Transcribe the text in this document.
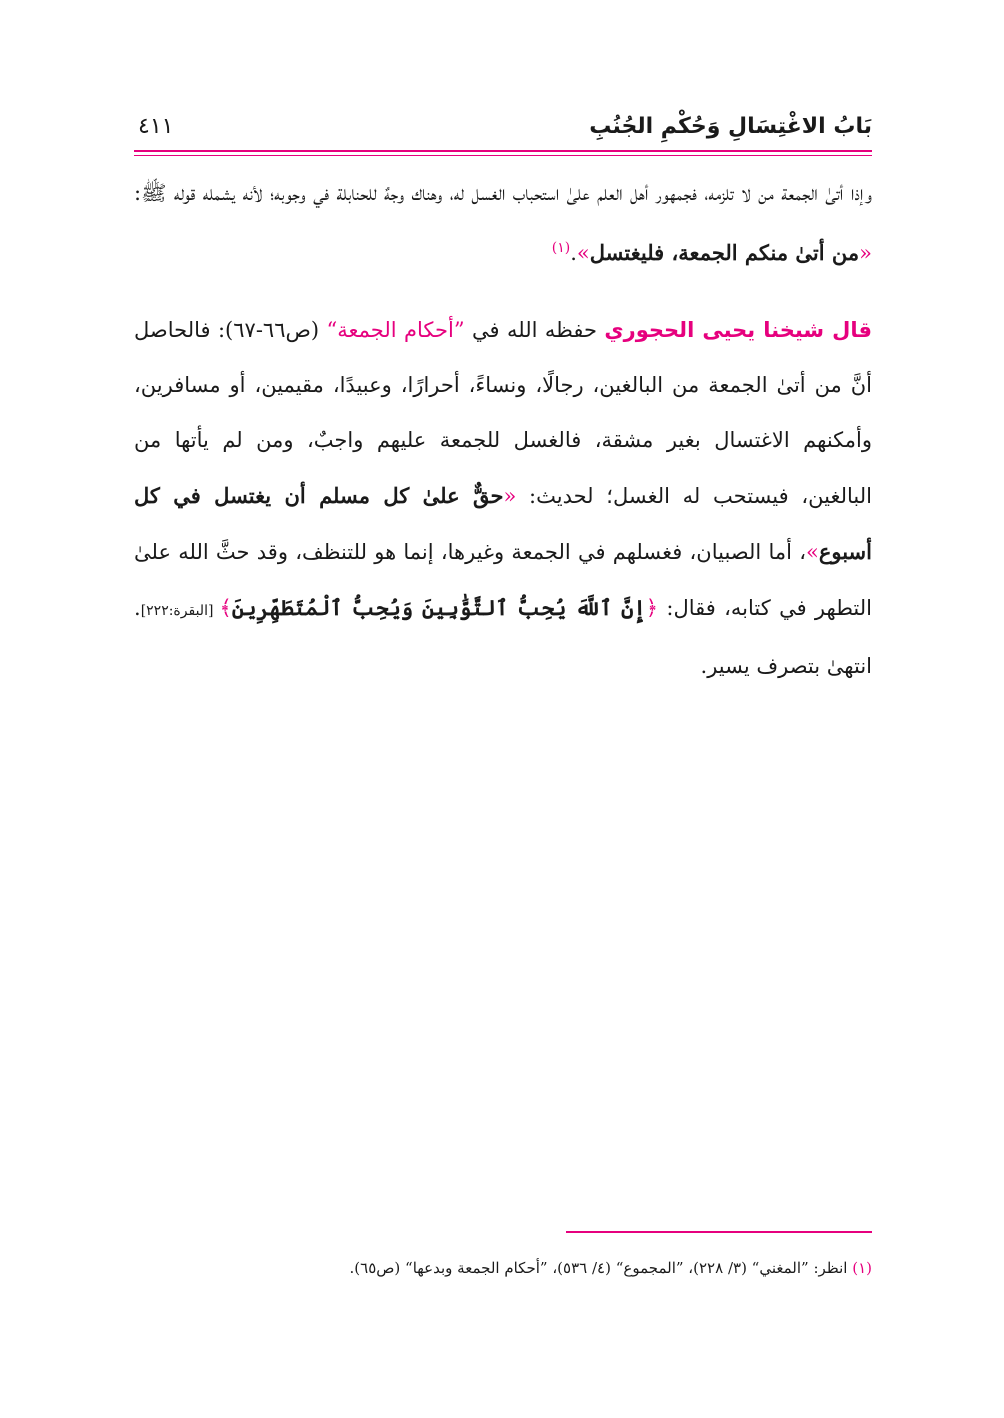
بَابُ الاغْتِسَالِ وَحُكْمِ الجُنُبِ
٤١١

وإذا أتىٰ الجمعة من لا تلزمه، فجمهور أهل العلم علىٰ استحباب الغسل له، وهناك وجهٌ للحنابلة في وجوبه؛ لأنه يشمله قوله ﷺ: «من أتىٰ منكم الجمعة، فليغتسل».$^{(١)}$

قال شيخنا يحيى الحجوري حفظه الله في ”أحكام الجمعة“ (ص٦٦-٦٧): فالحاصل أنَّ من أتىٰ الجمعة من البالغين، رجالًا، ونساءً، أحرارًا، وعبيدًا، مقيمين، أو مسافرين، وأمكنهم الاغتسال بغير مشقة، فالغسل للجمعة عليهم واجبٌ، ومن لم يأتها من البالغين، فيستحب له الغسل؛ لحديث: «حقٌّ علىٰ كل مسلم أن يغتسل في كل أسبوع»، أما الصبيان، فغسلهم في الجمعة وغيرها، إنما هو للتنظف، وقد حثَّ الله علىٰ التطهر في كتابه، فقال: ﴿إِنَّ ٱللَّهَ يُحِبُّ ٱلتَّوَّٰبِينَ وَيُحِبُّ ٱلْمُتَطَهِّرِينَ﴾ [البقرة:٢٢٢]. انتهىٰ بتصرف يسير.

(١) انظر: ”المغني“ (٣/ ٢٢٨)، ”المجموع“ (٤/ ٥٣٦)، ”أحكام الجمعة وبدعها“ (ص٦٥).
